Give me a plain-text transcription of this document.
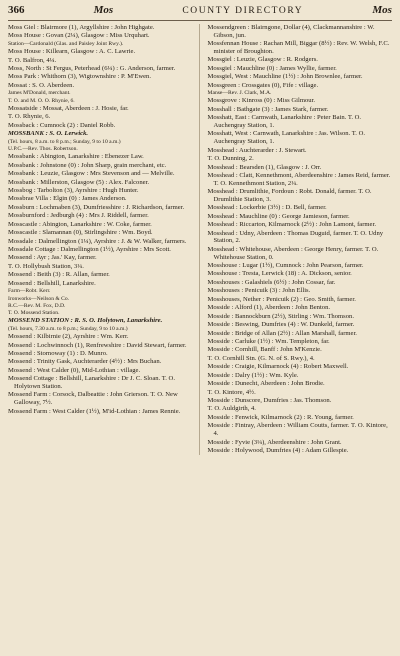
366	Mos	COUNTY DIRECTORY	Mos

Moss Giel : Blairmore (1), Argyllshire : John Highgate.

Moss House : Govan (2¼), Glasgow : Miss Urquhart.

Station—Cardonald (Glas. and Paisley Joint Rwy.).

Moss House : Killearn, Glasgow : A. C. Lawrie.

T. O. Balfron, 4¼.

Moss, North : St Fergus, Peterhead (6¼) : G. Anderson, farmer.

Moss Park : Whithorn (3), Wigtownshire : P. M'Ewen.

Mossat : S. O. Aberdeen.

James M'Donald, merchant.

T. O. and M. O. O. Rhynie, 6.

Mossatside : Mossat, Aberdeen : J. Hosie, far.

T. O. Rhynie, 6.

Mossback : Cumnock (2) : Daniel Robb.

MOSSBANK : S. O. Lerwick.

(Tel. hours, 8 a.m. to 8 p.m.; Sunday, 9 to 10 a.m.)

U.P.C.—Rev. Thos. Robertson.

Mossbank : Abington, Lanarkshire : Ebenezer Law.

Mossbank : Johnstone (0) : John Sharp, grain merchant, etc.

Mossbank : Leuzie, Glasgow : Mrs Stevenson and — Melville.

Mossbank : Millerston, Glasgow (5) : Alex. Falconer.

Mossbog : Tarbolton (3), Ayrshire : Hugh Hunter.

Mossbrae Villa : Elgin (0) : James Anderson.

Mossburn : Lochmaben (3), Dumfriesshire : J. Richardson, farmer.

Mossburnford : Jedburgh (4) : Mrs J. Riddell, farmer.

Mosscastle : Abington, Lanarkshire : W. Coke, farmer.

Mosscastle : Slamannan (0), Stirlingshire : Wm. Boyd.

Mossdale : Dalmellington (1¼), Ayrshire : J. & W. Walker, farmers.

Mossdale Cottage : Dalmellington (1½), Ayrshire : Mrs Scott.

Mossend : Ayr ; Jas.' Kay, farmer.

T. O. Hollybush Station, 3¼.

Mossend : Beith (3) : R. Allan, farmer.

Mossend : Bellshill, Lanarkshire.

Farm—Robt. Kerr.

Ironworks—Neilson & Co.

R.C.—Rev. M. Fox, D.D.

T. O. Mossend Station.

MOSSEND STATION : R. S. O. Holytown, Lanarkshire.

(Tel. hours, 7.30 a.m. to 8 p.m.; Sunday, 9 to 10 a.m.)

Mossend : Kilbirnie (2), Ayrshire : Wm. Kerr.

Mossend : Lochwinnoch (1), Renfrewshire : David Stewart, farmer.

Mossend : Stornoway (1) : D. Munro.

Mossend : Trinity Gask, Auchterarder (4½) : Mrs Buchan.

Mossend : West Calder (0), Mid-Lothian : village.

Mossend Cottage : Bellshill, Lanarkshire : Dr J. C. Sloan. T. O. Holytown Station.

Mossend Farm : Corsock, Dalbeattie : John Grierson. T. O. New Galloway, 7½.

Mossend Farm : West Calder (1½), M'id-Lothian : James Rennie.

Mossendgreen : Blairngone, Dollar (4), Clackmannanshire : W. Gibson, jun.

Mossfennan House : Rachan Mill, Biggar (8½) : Rev. W. Welsh, F.C. minister of Broughton.

Mossgiel : Leuzie, Glasgow : R. Rodgers.

Mossgiel : Mauchline (0) : James Wyllie, farmer.

Mossgiel, West : Mauchline (1½) : John Brownlee, farmer.

Mossgreen : Crossgates (0), Fife : village.

Manse—Rev. J. Clark, M.A.

Mossgrove : Kinross (0) : Miss Gilmour.

Mosshall : Bathgate (3) : James Stark, farmer.

Mosshatt, East : Carnwath, Lanarkshire : Peter Bain. T. O. Auchengray Station, 1.

Mosshatt, West : Carnwath, Lanarkshire : Jas. Wilson. T. O. Auchengray Station, 1.

Mosshead : Auchterarder : J. Stewart.

T. O. Dunning, 2.

Mosshead : Bearsden (1), Glasgow : J. Orr.

Mosshead : Clatt, Kennethmont, Aberdeenshire : James Reid, farmer. T. O. Kennethmont Station, 2¼.

Mosshead : Drumlithie, Fordoun : Robt. Donald, farmer. T. O. Drumlithie Station, 3.

Mosshead : Lockerbie (3½) : D. Bell, farmer.

Mosshead : Mauchline (0) : George Jamieson, farmer.

Mosshead : Riccarton, Kilmarnock (2½) : John Lamont, farmer.

Mosshead : Udny, Aberdeen : Thomas Duguid, farmer. T. O. Udny Station, 2.

Mosshead : Whitehouse, Aberdeen : George Henry, farmer. T. O. Whitehouse Station, 0.

Mosshouse : Lugar (1½), Cumnock : John Pearson, farmer.

Mosshouse : Tresta, Lerwick (18) : A. Dickson, senior.

Mosshouses : Galashiels (6½) : John Cossar, far.

Mosshouses : Penicuik (3) : John Ellis.

Mosshouses, Nether : Penicuik (2) : Geo. Smith, farmer.

Mosside : Alford (1), Aberdeen : John Benton.

Mosside : Bannockburn (2½), Stirling : Wm. Thomson.

Mosside : Beswing, Dumfries (4) : W. Dunkeld, farmer.

Mosside : Bridge of Allan (2½) : Allan Marshall, farmer.

Mosside : Carluke (1½) : Wm. Templeton, far.

Mosside : Cornhill, Banff : John M'Kenzie.

T. O. Cornhill Stn. (G. N. of S. Rwy.), 4.

Mosside : Craigie, Kilmarnock (4) : Robert Maxwell.

Mosside : Dalry (1½) : Wm. Kyle.

Mosside : Dunecht, Aberdeen : John Brodie.

T. O. Kintore, 4½.

Mosside : Dunscore, Dumfries : Jas. Thomson.

T. O. Auldgirth, 4.

Mosside : Fenwick, Kilmarnock (2) : R. Young, farmer.

Mosside : Fintray, Aberdeen : William Coutts, farmer. T. O. Kintore, 4.

Mosside : Fyvie (3¼), Aberdeenshire : John Grant.

Mosside : Holywood, Dumfries (4) : Adam Gillespie.
